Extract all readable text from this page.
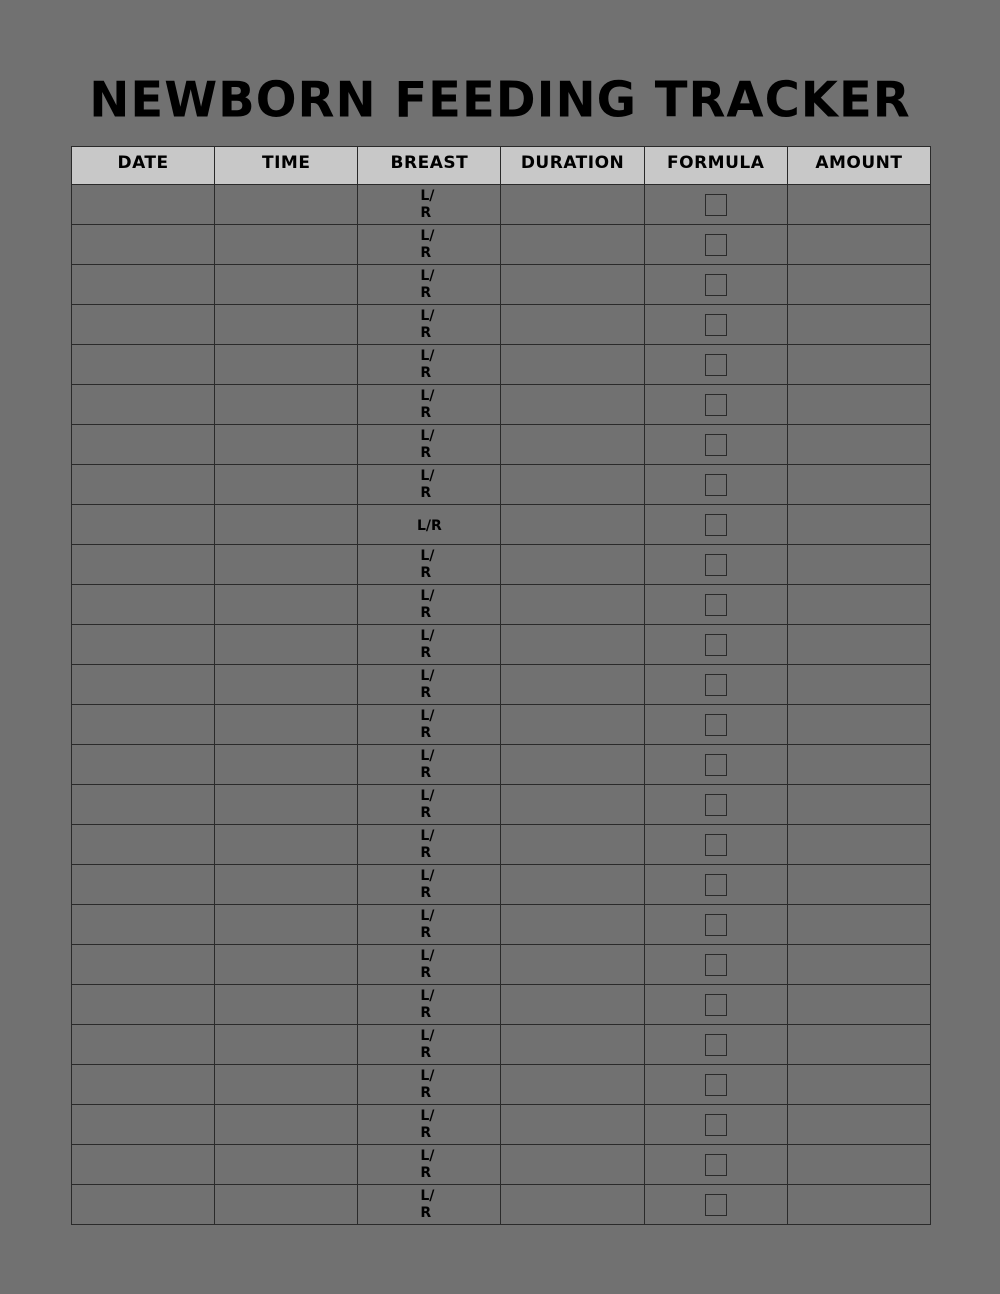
NEWBORN FEEDING TRACKER
DATE	TIME	BREAST	DURATION	FORMULA	AMOUNT
		L/R			
		L/R			
		L/R			
		L/R			
		L/R			
		L/R			
		L/R			
		L/R			
		L/R			
		L/R			
		L/R			
		L/R			
		L/R			
		L/R			
		L/R			
		L/R			
		L/R			
		L/R			
		L/R			
		L/R			
		L/R			
		L/R			
		L/R			
		L/R			
		L/R			
		L/R			
